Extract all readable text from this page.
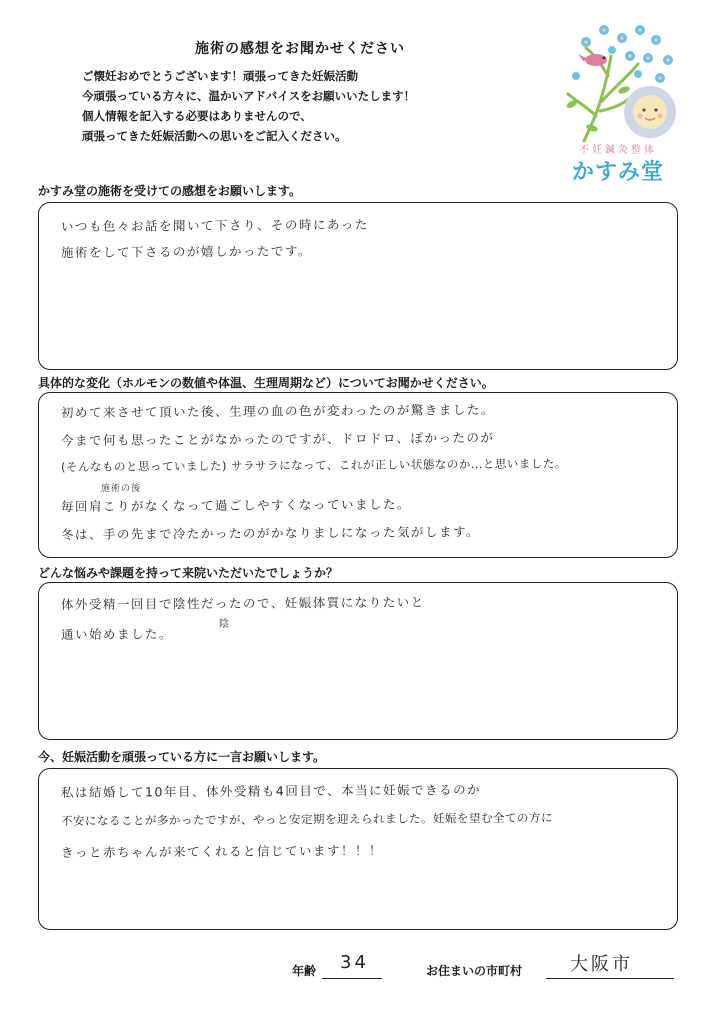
施術の感想をお聞かせください
ご懐妊おめでとうございます！頑張ってきた妊娠活動
今頑張っている方々に、温かいアドバイスをお願いいたします！
個人情報を記入する必要はありませんので、
頑張ってきた妊娠活動への思いをご記入ください。
不妊鍼灸整体
かすみ堂
かすみ堂の施術を受けての感想をお願いします。
いつも色々お話を聞いて下さり、その時にあった
施術をして下さるのが嬉しかったです。
具体的な変化（ホルモンの数値や体温、生理周期など）についてお聞かせください。
初めて来させて頂いた後、生理の血の色が変わったのが驚きました。
今まで何も思ったことがなかったのですが、ドロドロ、ぽかったのが
(そんなものと思っていました) サラサラになって、これが正しい状態なのか…と思いました。
施術の後
毎回肩こりがなくなって過ごしやすくなっていました。
冬は、手の先まで冷たかったのがかなりましになった気がします。
どんな悩みや課題を持って来院いただいたでしょうか？
体外受精一回目で陰性だったので、妊娠体質になりたいと
陰
通い始めました。
今、妊娠活動を頑張っている方に一言お願いします。
私は結婚して10年目、体外受精も4回目で、本当に妊娠できるのか
不安になることが多かったですが、やっと安定期を迎えられました。妊娠を望む全ての方に
きっと赤ちゃんが来てくれると信じています！！！
年齢	34	お住まいの市町村	大阪市
